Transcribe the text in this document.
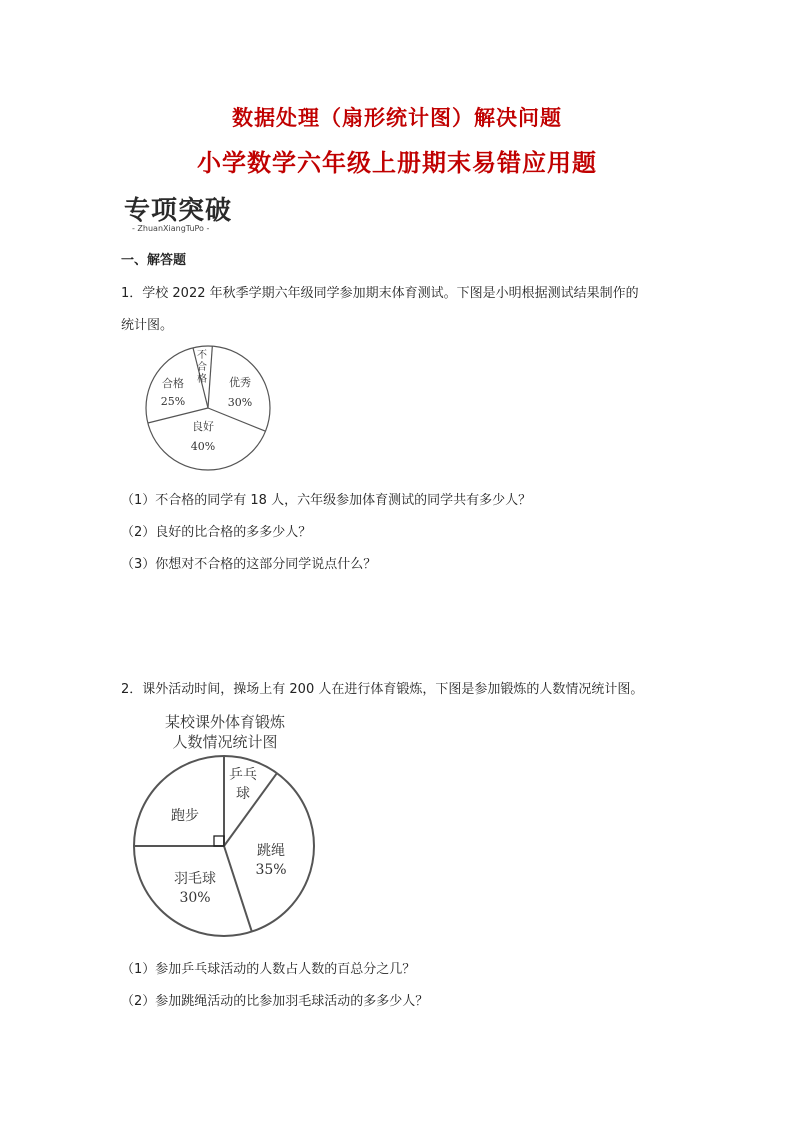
数据处理（扇形统计图）解决问题
小学数学六年级上册期末易错应用题
专项突破
- ZhuanXiangTuPo -

一、解答题

1．学校 2022 年秋季学期六年级同学参加期末体育测试。下图是小明根据测试结果制作的

统计图。

优秀
30%
良好
40%
合格
25%
不
合
格

（1）不合格的同学有 18 人，六年级参加体育测试的同学共有多少人？

（2）良好的比合格的多多少人？

（3）你想对不合格的这部分同学说点什么？

2．课外活动时间，操场上有 200 人在进行体育锻炼，下图是参加锻炼的人数情况统计图。

某校课外体育锻炼
人数情况统计图
乒乓
球
跳绳
35%
羽毛球
30%
跑步

（1）参加乒乓球活动的人数占人数的百总分之几？

（2）参加跳绳活动的比参加羽毛球活动的多多少人？
